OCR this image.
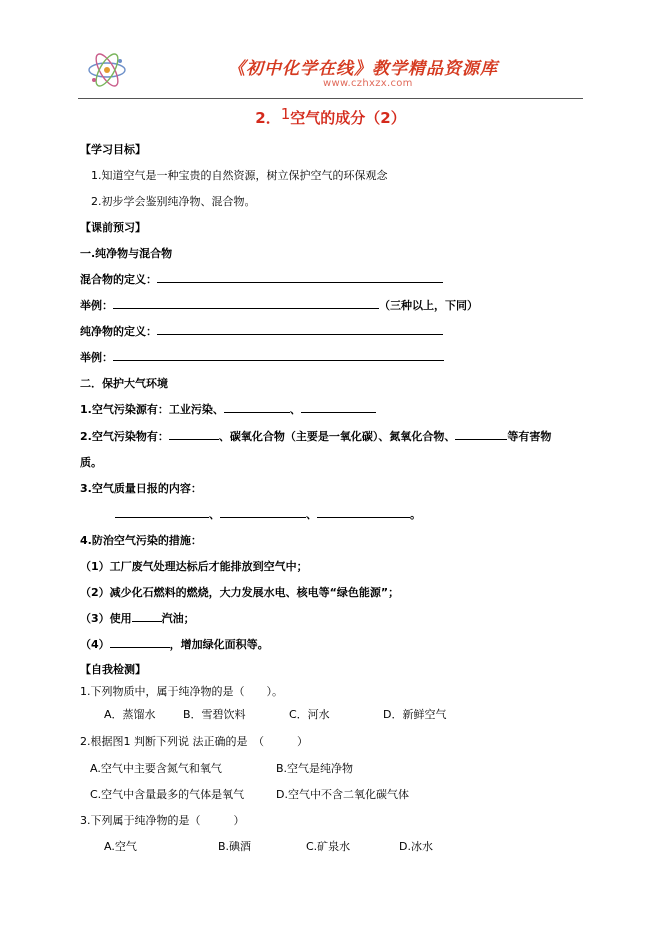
《初中化学在线》教学精品资源库
www.czhxzx.com
2．1空气的成分（2）
【学习目标】
1.知道空气是一种宝贵的自然资源，树立保护空气的环保观念
2.初步学会鉴别纯净物、混合物。
【课前预习】
一.纯净物与混合物
混合物的定义：
举例：	（三种以上，下同）
纯净物的定义：
举例：
二．保护大气环境
1.空气污染源有：工业污染、	、
2.空气污染物有：	、碳氧化合物（主要是一氧化碳）、氮氧化合物、	等有害物
质。
3.空气质量日报的内容：
、	、	。
4.防治空气污染的措施：
（1）工厂废气处理达标后才能排放到空气中；
（2）减少化石燃料的燃烧，大力发展水电、核电等“绿色能源”；
（3）使用	汽油；
（4）	，增加绿化面积等。
【自我检测】
1.下列物质中，属于纯净物的是（　　）。
A．蒸馏水 B．雪碧饮料	C．河水	D．新鲜空气
2.根据图1 判断下列说 法正确的是　（　　　）
A.空气中主要含氮气和氧气	B.空气是纯净物
C.空气中含量最多的气体是氧气	D.空气中不含二氧化碳气体
3.下列属于纯净物的是（　　　）
A.空气	B.碘酒	C.矿泉水	D.冰水
